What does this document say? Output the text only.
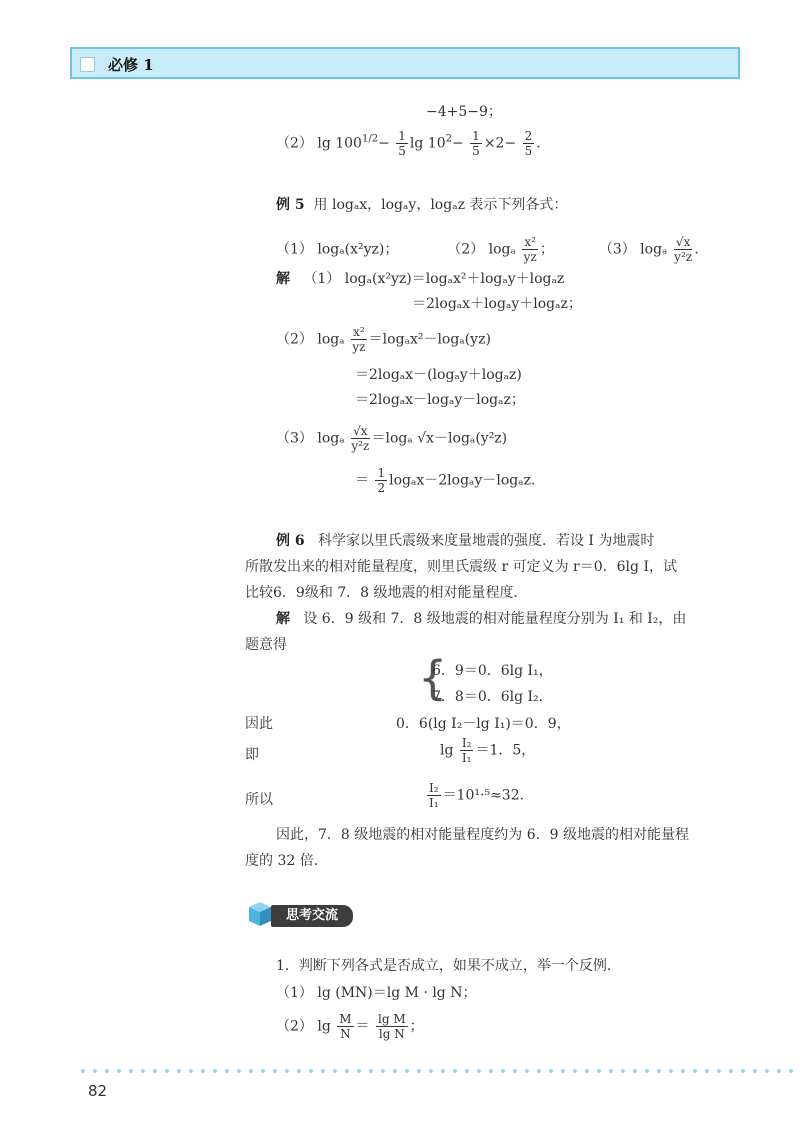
必修 1
−4+5−9；
（2） $\lg 100^{1/2}- \frac{1}{5}$ $\lg 10^2- \frac{1}{5} \times 2- \frac{2}{5}$ ．
例 5 用 logₐx，logₐy，logₐz 表示下列各式：
（1） logₐ(x²yz)；	（2） logₐ $\frac{\text{x²}}{yz}$ ；	（3） logₐ $\frac{√x}{\text{y²z}}$ ．
解 （1） logₐ(x²yz)＝logₐx²＋logₐy＋logₐz
＝2logₐx＋logₐy＋logₐz；
（2） logₐ $\frac{\text{x²}}{yz} =\log_ax^2-\log_a(yz)$
＝2logₐx－(logₐy＋logₐz)
＝2logₐx－logₐy－logₐz；
（3） logₐ $\frac{√x}{\text{y²z}} =\log_a$ √x－logₐ(y²z)
＝ $\frac{1}{2} \log_ax-2\log_ay-\log_az$．
例 6 科学家以里氏震级来度量地震的强度．若设 I 为地震时
所散发出来的相对能量程度，则里氏震级 r 可定义为 r＝0．6lg I，试
比较6．9级和 7．8 级地震的相对能量程度．
解 设 6．9 级和 7．8 级地震的相对能量程度分别为 I₁ 和 I₂，由
题意得
{
6．9＝0．6lg I₁，
7．8＝0．6lg I₂．
因此	0．6(lg I₂－lg I₁)＝0．9，
即	$\lg \frac{\text{I₂}}{\text{I₁}} =1$．5，
所以	$\frac{\text{I₂}}{\text{I₁}} =10^1\cdot^5\approx 32$．
因此，7．8 级地震的相对能量程度约为 6．9 级地震的相对能量程
度的 32 倍．
思考交流
1．判断下列各式是否成立，如果不成立，举一个反例．
（1） lg (MN)＝lg M · lg N；
（2） $\lg \frac{M}{N} = \frac{\text{lg M}}{\text{lg N}}$ ；
82
